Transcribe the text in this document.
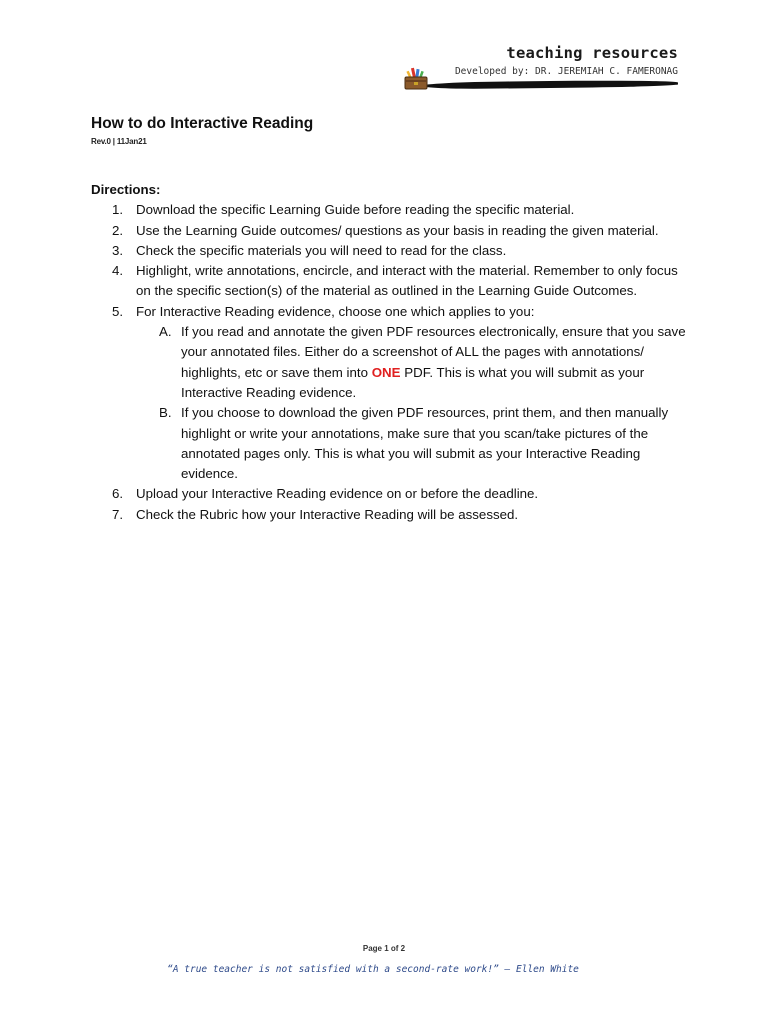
teaching resources
Developed by: DR. JEREMIAH C. FAMERONAG
How to do Interactive Reading
Rev.0 | 11Jan21
Directions:
1. Download the specific Learning Guide before reading the specific material.
2. Use the Learning Guide outcomes/ questions as your basis in reading the given material.
3. Check the specific materials you will need to read for the class.
4. Highlight, write annotations, encircle, and interact with the material. Remember to only focus on the specific section(s) of the material as outlined in the Learning Guide Outcomes.
5. For Interactive Reading evidence, choose one which applies to you:
A. If you read and annotate the given PDF resources electronically, ensure that you save your annotated files. Either do a screenshot of ALL the pages with annotations/ highlights, etc or save them into ONE PDF. This is what you will submit as your Interactive Reading evidence.
B. If you choose to download the given PDF resources, print them, and then manually highlight or write your annotations, make sure that you scan/take pictures of the annotated pages only. This is what you will submit as your Interactive Reading evidence.
6. Upload your Interactive Reading evidence on or before the deadline.
7. Check the Rubric how your Interactive Reading will be assessed.
Page 1 of 2
“A true teacher is not satisfied with a second-rate work!” – Ellen White
